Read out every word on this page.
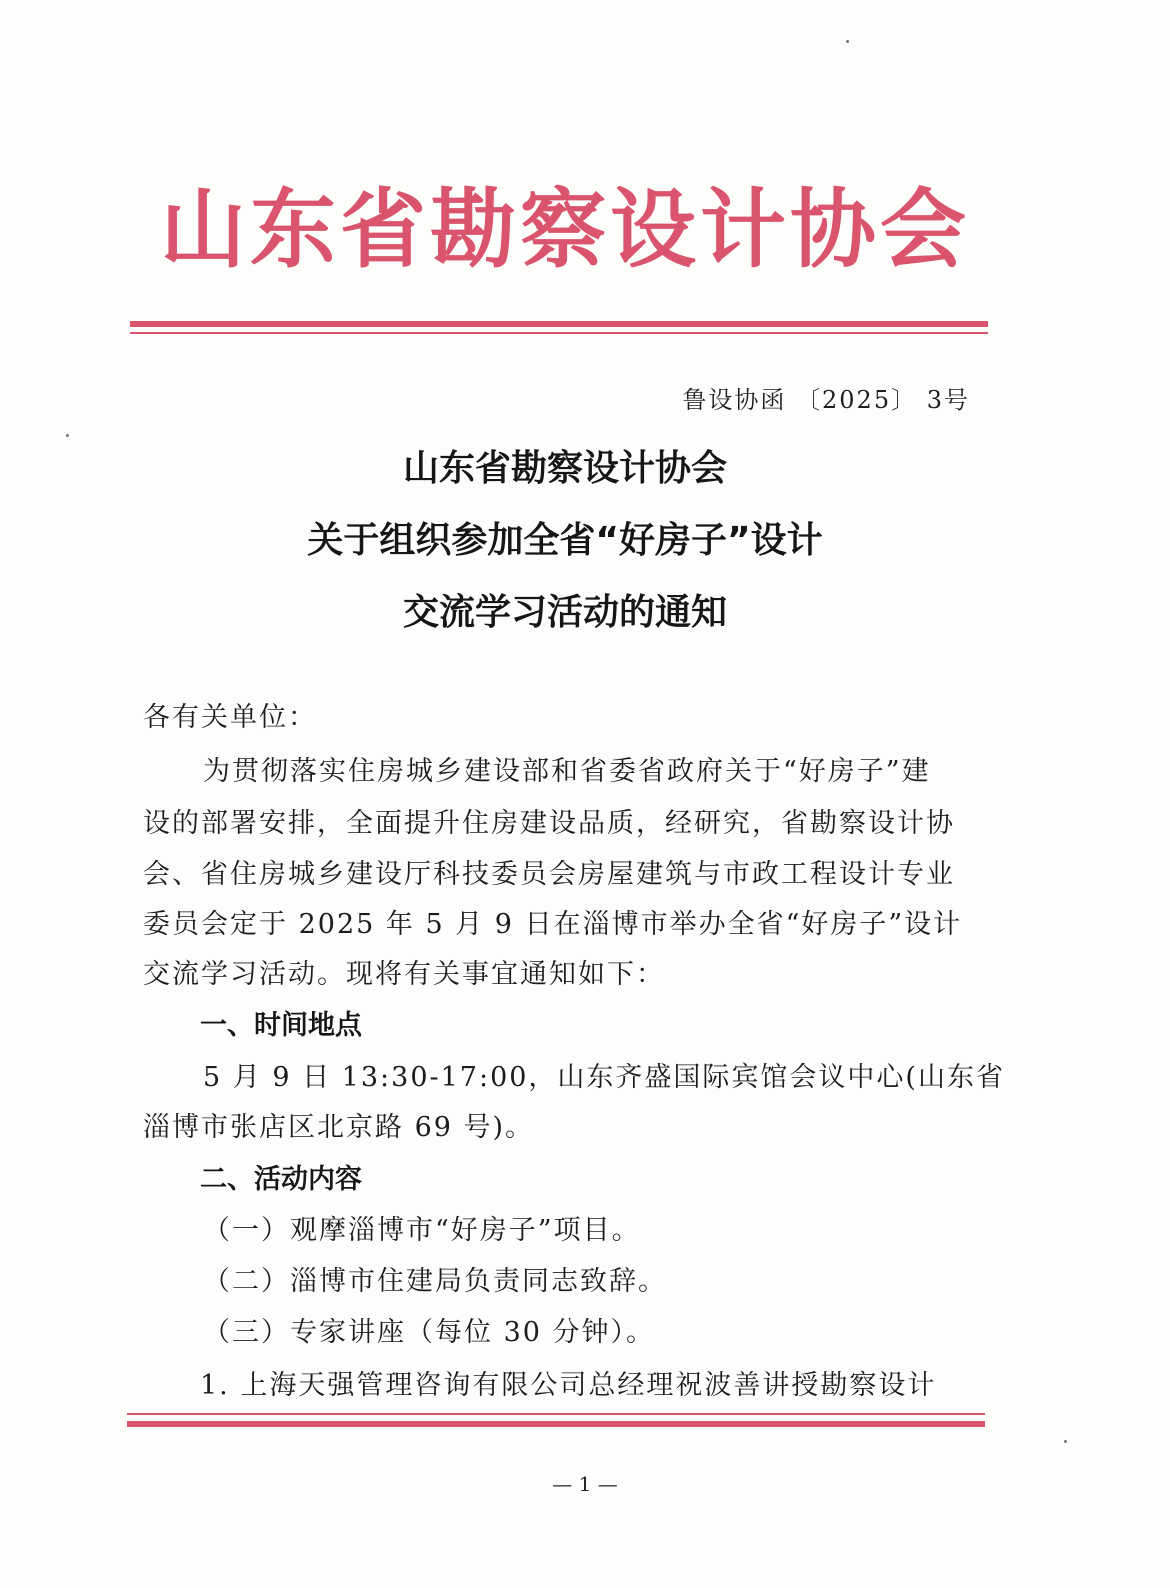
山东省勘察设计协会
鲁设协函 〔2025〕 3号
山东省勘察设计协会
关于组织参加全省“好房子”设计
交流学习活动的通知
各有关单位：
为贯彻落实住房城乡建设部和省委省政府关于“好房子”建
设的部署安排，全面提升住房建设品质，经研究，省勘察设计协
会、省住房城乡建设厅科技委员会房屋建筑与市政工程设计专业
委员会定于 2025 年 5 月 9 日在淄博市举办全省“好房子”设计
交流学习活动。现将有关事宜通知如下：
一、时间地点
5 月 9 日 13:30-17:00，山东齐盛国际宾馆会议中心(山东省
淄博市张店区北京路 69 号)。
二、活动内容
（一）观摩淄博市“好房子”项目。
（二）淄博市住建局负责同志致辞。
（三）专家讲座（每位 30 分钟）。
1. 上海天强管理咨询有限公司总经理祝波善讲授勘察设计
— 1 —
